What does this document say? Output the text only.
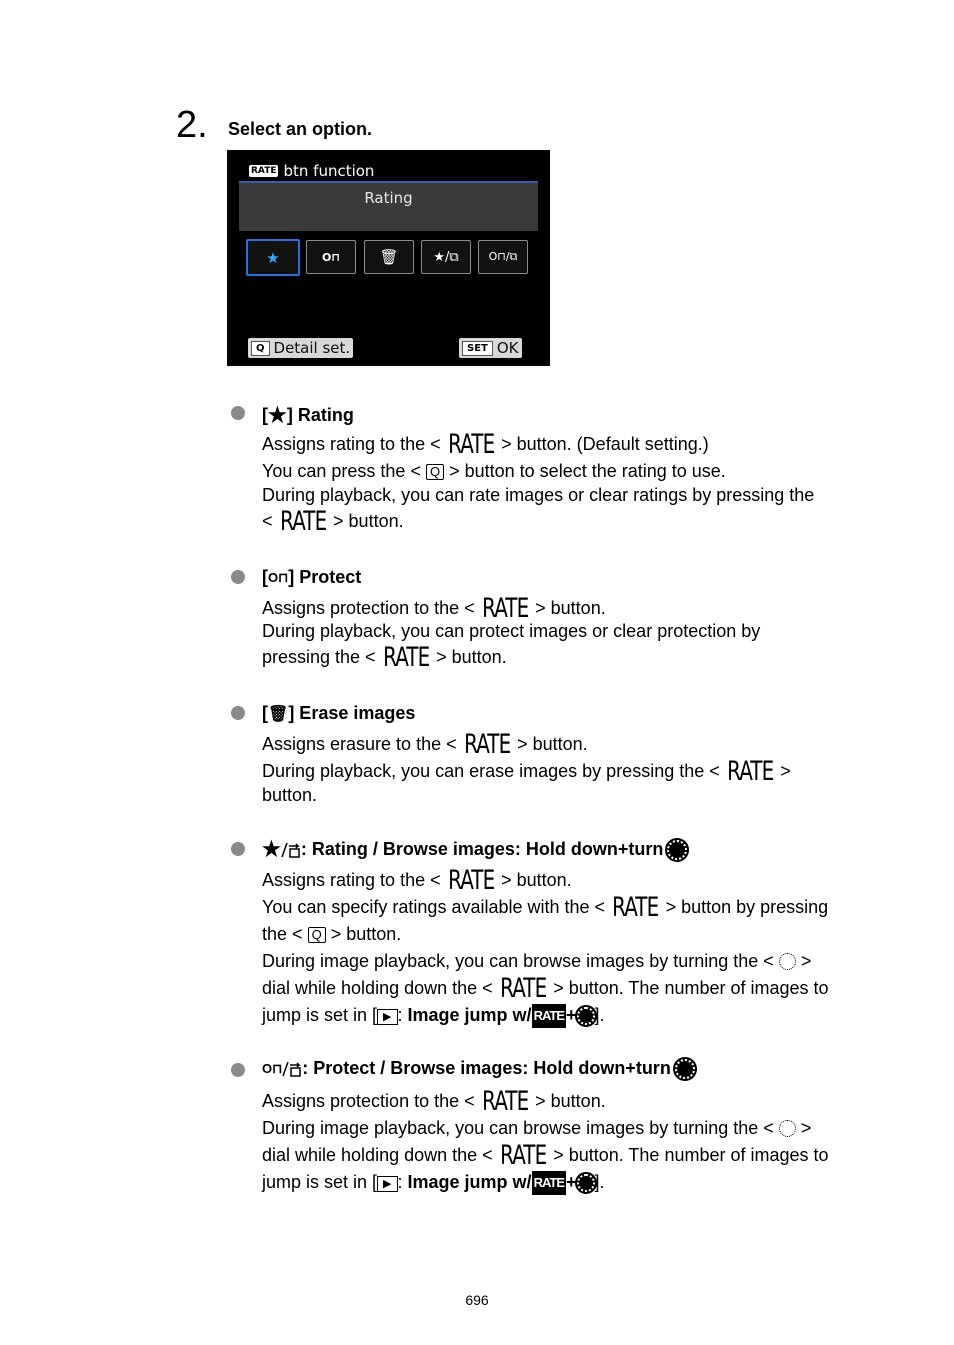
2. Select an option.
RATE btn function
Rating
★	O⊓	🗑	★/⧉	O⊓/⧉
Q Detail set.	SET OK
[ ★ ] Rating
Assigns rating to the < RATE > button. (Default setting.)
You can press the < Q > button to select the rating to use.
During playback, you can rate images or clear ratings by pressing the
< RATE > button.
[ O⊓ ] Protect
Assigns protection to the < RATE > button.
During playback, you can protect images or clear protection by
pressing the < RATE > button.
[ 🗑 ] Erase images
Assigns erasure to the < RATE > button.
During playback, you can erase images by pressing the < RATE >
button.
★ : Rating / Browse images: Hold down+turn
Assigns rating to the < RATE > button.
You can specify ratings available with the < RATE > button by pressing
the < Q > button.
During image playback, you can browse images by turning the < >
dial while holding down the < RATE > button. The number of images to
jump is set in [ ▶ : Image jump w/ RATE + ].
O⊓ : Protect / Browse images: Hold down+turn
Assigns protection to the < RATE > button.
During image playback, you can browse images by turning the < >
dial while holding down the < RATE > button. The number of images to
jump is set in [ ▶ : Image jump w/ RATE + ].
696
